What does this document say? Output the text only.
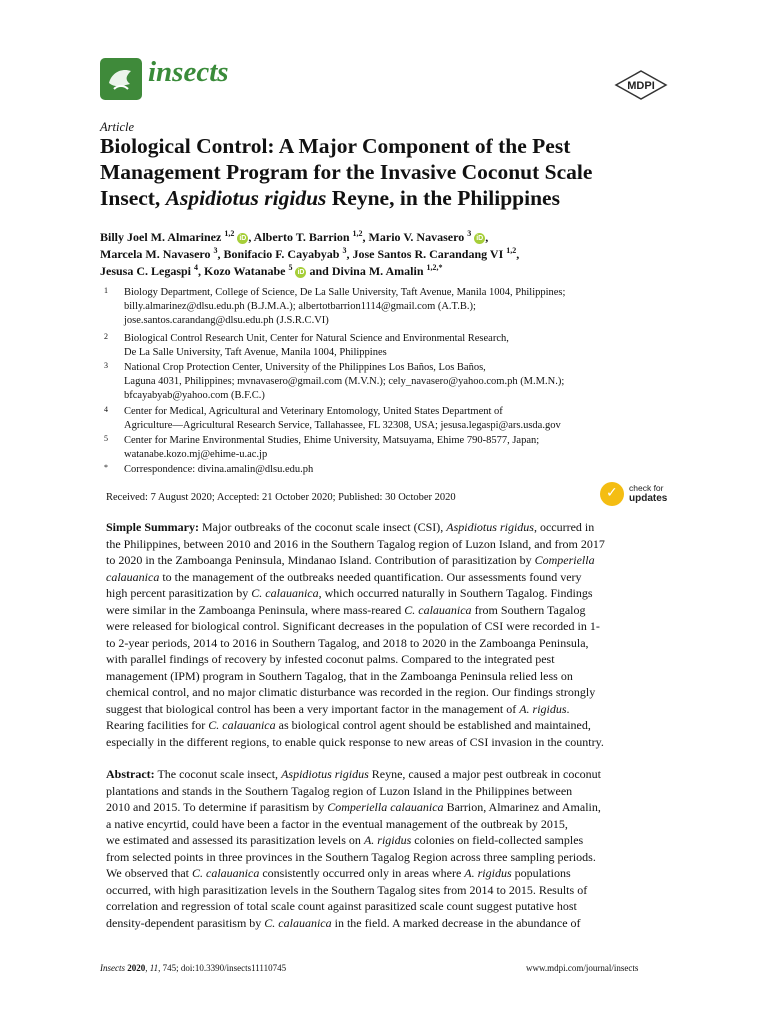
insects	MDPI
Article
Biological Control: A Major Component of the Pest
Management Program for the Invasive Coconut Scale
Insect, Aspidiotus rigidus Reyne, in the Philippines
Billy Joel M. Almarinez $^{1,2}$ iD , Alberto T. Barrion $^{1,2}$, Mario V. Navasero $^3$ iD ,
Marcela M. Navasero $^3$, Bonifacio F. Cayabyab $^3$, Jose Santos R. Carandang VI $^{1,2}$,
Jesusa C. Legaspi $^4$, Kozo Watanabe $^5$ iD and Divina M. Amalin $^{1,2,*}$
1 Biology Department, College of Science, De La Salle University, Taft Avenue, Manila 1004, Philippines;
billy.almarinez@dlsu.edu.ph (B.J.M.A.); albertotbarrion1114@gmail.com (A.T.B.);
jose.santos.carandang@dlsu.edu.ph (J.S.R.C.VI)
2 Biological Control Research Unit, Center for Natural Science and Environmental Research,
De La Salle University, Taft Avenue, Manila 1004, Philippines
3 National Crop Protection Center, University of the Philippines Los Baños, Los Baños,
Laguna 4031, Philippines; mvnavasero@gmail.com (M.V.N.); cely_navasero@yahoo.com.ph (M.M.N.);
bfcayabyab@yahoo.com (B.F.C.)
4 Center for Medical, Agricultural and Veterinary Entomology, United States Department of
Agriculture—Agricultural Research Service, Tallahassee, FL 32308, USA; jesusa.legaspi@ars.usda.gov
5 Center for Marine Environmental Studies, Ehime University, Matsuyama, Ehime 790-8577, Japan;
watanabe.kozo.mj@ehime-u.ac.jp
* Correspondence: divina.amalin@dlsu.edu.ph
Received: 7 August 2020; Accepted: 21 October 2020; Published: 30 October 2020	✓ check for
updates
Simple Summary: Major outbreaks of the coconut scale insect (CSI), Aspidiotus rigidus, occurred in
the Philippines, between 2010 and 2016 in the Southern Tagalog region of Luzon Island, and from 2017
to 2020 in the Zamboanga Peninsula, Mindanao Island. Contribution of parasitization by Comperiella
calauanica to the management of the outbreaks needed quantification. Our assessments found very
high percent parasitization by C. calauanica, which occurred naturally in Southern Tagalog. Findings
were similar in the Zamboanga Peninsula, where mass-reared C. calauanica from Southern Tagalog
were released for biological control. Significant decreases in the population of CSI were recorded in 1-
to 2-year periods, 2014 to 2016 in Southern Tagalog, and 2018 to 2020 in the Zamboanga Peninsula,
with parallel findings of recovery by infested coconut palms. Compared to the integrated pest
management (IPM) program in Southern Tagalog, that in the Zamboanga Peninsula relied less on
chemical control, and no major climatic disturbance was recorded in the region. Our findings strongly
suggest that biological control has been a very important factor in the management of A. rigidus.
Rearing facilities for C. calauanica as biological control agent should be established and maintained,
especially in the different regions, to enable quick response to new areas of CSI invasion in the country.
Abstract: The coconut scale insect, Aspidiotus rigidus Reyne, caused a major pest outbreak in coconut
plantations and stands in the Southern Tagalog region of Luzon Island in the Philippines between
2010 and 2015. To determine if parasitism by Comperiella calauanica Barrion, Almarinez and Amalin,
a native encyrtid, could have been a factor in the eventual management of the outbreak by 2015,
we estimated and assessed its parasitization levels on A. rigidus colonies on field-collected samples
from selected points in three provinces in the Southern Tagalog Region across three sampling periods.
We observed that C. calauanica consistently occurred only in areas where A. rigidus populations
occurred, with high parasitization levels in the Southern Tagalog sites from 2014 to 2015. Results of
correlation and regression of total scale count against parasitized scale count suggest putative host
density-dependent parasitism by C. calauanica in the field. A marked decrease in the abundance of
Insects 2020, 11, 745; doi:10.3390/insects11110745	www.mdpi.com/journal/insects
